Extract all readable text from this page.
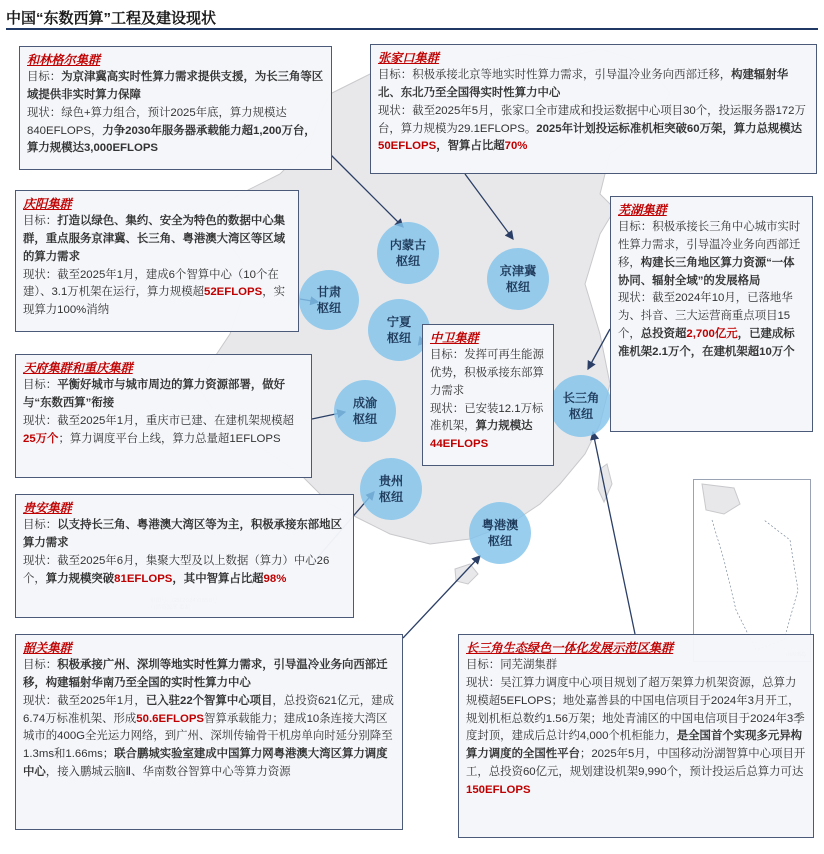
中国“东数西算”工程及建设现状
内蒙古
枢纽
京津冀
枢纽
甘肃
枢纽
宁夏
枢纽
成渝
枢纽
贵州
枢纽
长三角
枢纽
粤港澳
枢纽

和林格尔集群

目标：为京津冀高实时性算力需求提供支援，为长三角等区域提供非实时算力保障

现状：绿色+算力组合，预计2025年底，算力规模达 840EFLOPS，力争2030年服务器承载能力超1,200万台，算力规模达3,000EFLOPS

张家口集群

目标：积极承接北京等地实时性算力需求，引导温冷业务向西部迁移，构建辐射华北、东北乃至全国得实时性算力中心

现状：截至2025年5月，张家口全市建成和投运数据中心项目30个，投运服务器172万台，算力规模为29.1EFLOPS。2025年计划投运标准机柜突破60万架，算力总规模达50EFLOPS，智算占比超70%

庆阳集群

目标：打造以绿色、集约、安全为特色的数据中心集群，重点服务京津冀、长三角、粤港澳大湾区等区域的算力需求

现状：截至2025年1月，建成6个智算中心（10个在建）、3.1万机架在运行，算力规模超52EFLOPS，实现算力100%消纳

天府集群和重庆集群

目标：平衡好城市与城市周边的算力资源部署，做好与“东数西算”衔接

现状：截至2025年1月，重庆市已建、在建机架规模超25万个；算力调度平台上线，算力总量超1EFLOPS

贵安集群

目标：以支持长三角、粤港澳大湾区等为主，积极承接东部地区算力需求

现状：截至2025年6月，集聚大型及以上数据（算力）中心26个，算力规模突破81EFLOPS，其中智算占比超98%

韶关集群

目标：积极承接广州、深圳等地实时性算力需求，引导温冷业务向西部迁移，构建辐射华南乃至全国的实时性算力中心

现状：截至2025年1月，已入驻22个智算中心项目，总投资621亿元，建成6.74万标准机架、形成50.6EFLOPS智算承载能力；建成10条连接大湾区城市的400G全光运力网络，到广州、深圳传输骨干机房单向时延分别降至1.3ms和1.66ms；联合鹏城实验室建成中国算力网粤港澳大湾区算力调度中心，接入鹏城云脑Ⅱ、华南数谷智算中心等算力资源

中卫集群

目标：发挥可再生能源优势，积极承接东部算力需求

现状：已安装12.1万标准机架，算力规模达44EFLOPS

芜湖集群

目标：积极承接长三角中心城市实时性算力需求，引导温冷业务向西部迁移，构建长三角地区算力资源“一体协同、辐射全域”的发展格局

现状：截至2024年10月，已落地华为、抖音、三大运营商重点项目15个，总投资超2,700亿元，已建成标准机架2.1万个，在建机架超10万个

长三角生态绿色一体化发展示范区集群

目标：同芜湖集群

现状：吴江算力调度中心项目规划了超万架算力机架资源，总算力规模超5EFLOPS；地处嘉善县的中国电信项目于2024年3月开工，规划机柜总数约1.56万架；地处青浦区的中国电信项目于2024年3季度封顶，建成后总计约4,000个机柜能力，是全国首个实现多元异构算力调度的全国性平台；2025年5月，中国移动汾湖智算中心项目开工，总投资60亿元，规划建设机架9,990个，预计投运后总算力可达150EFLOPS
